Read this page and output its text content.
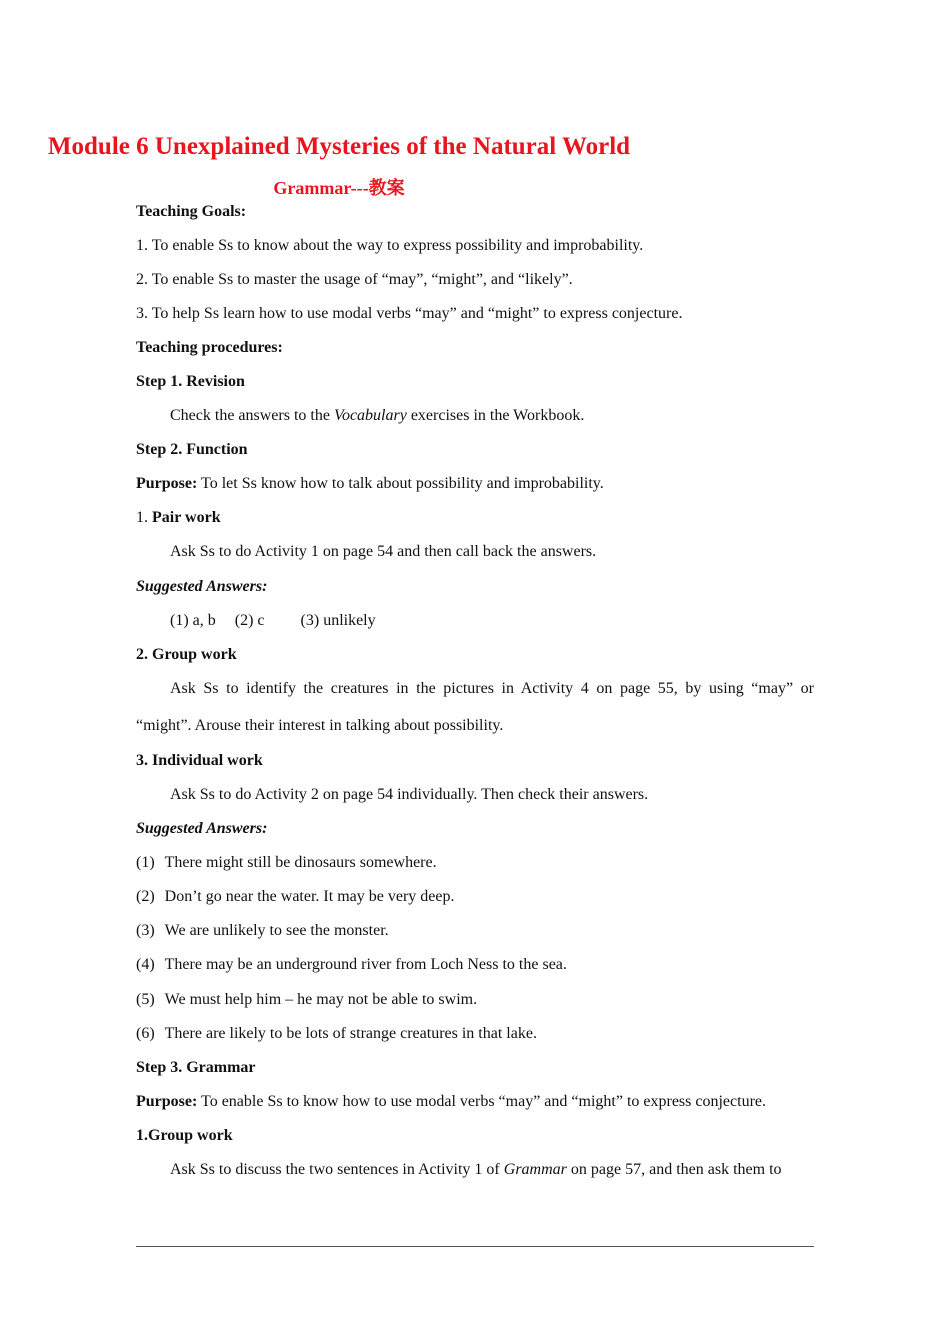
Module 6 Unexplained Mysteries of the Natural World
Grammar---教案
Teaching Goals:
1. To enable Ss to know about the way to express possibility and improbability.
2. To enable Ss to master the usage of “may”, “might”, and “likely”.
3. To help Ss learn how to use modal verbs “may” and “might” to express conjecture.
Teaching procedures:
Step 1. Revision
Check the answers to the Vocabulary exercises in the Workbook.
Step 2. Function
Purpose: To let Ss know how to talk about possibility and improbability.
1. Pair work
Ask Ss to do Activity 1 on page 54 and then call back the answers.
Suggested Answers:
(1) a, b (2) c (3) unlikely
2. Group work
Ask Ss to identify the creatures in the pictures in Activity 4 on page 55, by using “may” or
“might”. Arouse their interest in talking about possibility.
3. Individual work
Ask Ss to do Activity 2 on page 54 individually. Then check their answers.
Suggested Answers:
(1) There might still be dinosaurs somewhere.
(2) Don’t go near the water. It may be very deep.
(3) We are unlikely to see the monster.
(4) There may be an underground river from Loch Ness to the sea.
(5) We must help him – he may not be able to swim.
(6) There are likely to be lots of strange creatures in that lake.
Step 3. Grammar
Purpose: To enable Ss to know how to use modal verbs “may” and “might” to express conjecture.
1.Group work
Ask Ss to discuss the two sentences in Activity 1 of Grammar on page 57, and then ask them to
